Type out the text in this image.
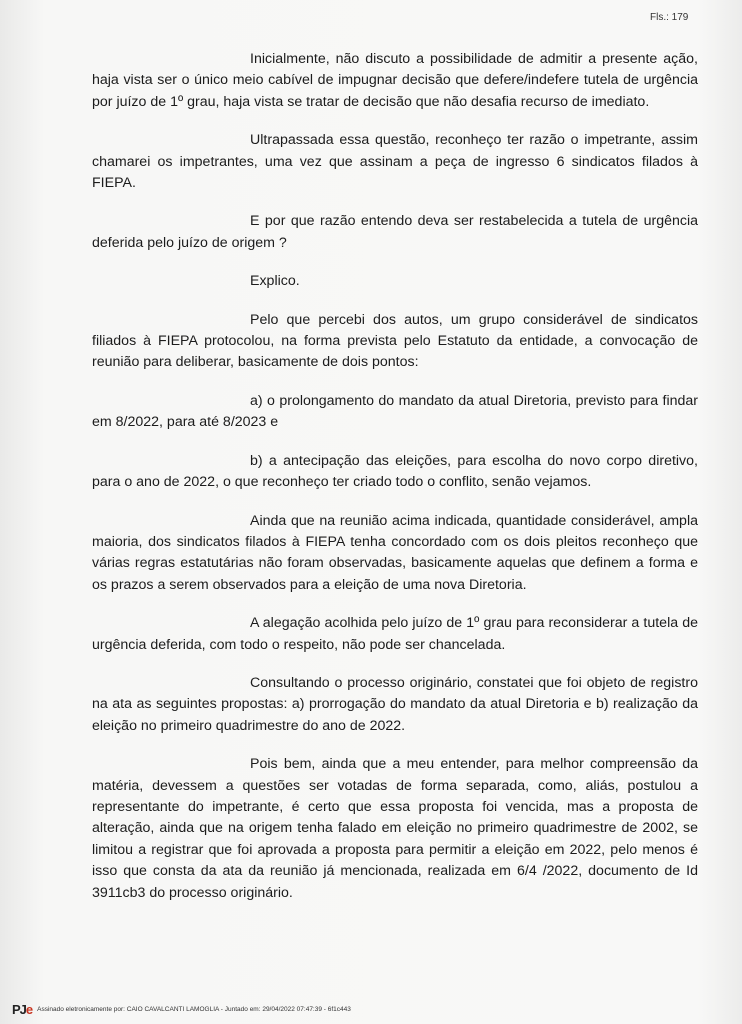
Fls.: 179

Inicialmente, não discuto a possibilidade de admitir a presente ação, haja vista ser o único meio cabível de impugnar decisão que defere/indefere tutela de urgência por juízo de 1º grau, haja vista se tratar de decisão que não desafia recurso de imediato.

Ultrapassada essa questão, reconheço ter razão o impetrante, assim chamarei os impetrantes, uma vez que assinam a peça de ingresso 6 sindicatos filados à FIEPA.

E por que razão entendo deva ser restabelecida a tutela de urgência deferida pelo juízo de origem ?

Explico.

Pelo que percebi dos autos, um grupo considerável de sindicatos filiados à FIEPA protocolou, na forma prevista pelo Estatuto da entidade, a convocação de reunião para deliberar, basicamente de dois pontos:

a) o prolongamento do mandato da atual Diretoria, previsto para findar em 8/2022, para até 8/2023 e

b) a antecipação das eleições, para escolha do novo corpo diretivo, para o ano de 2022, o que reconheço ter criado todo o conflito, senão vejamos.

Ainda que na reunião acima indicada, quantidade considerável, ampla maioria, dos sindicatos filados à FIEPA tenha concordado com os dois pleitos reconheço que várias regras estatutárias não foram observadas, basicamente aquelas que definem a forma e os prazos a serem observados para a eleição de uma nova Diretoria.

A alegação acolhida pelo juízo de 1º grau para reconsiderar a tutela de urgência deferida, com todo o respeito, não pode ser chancelada.

Consultando o processo originário, constatei que foi objeto de registro na ata as seguintes propostas: a) prorrogação do mandato da atual Diretoria e b) realização da eleição no primeiro quadrimestre do ano de 2022.

Pois bem, ainda que a meu entender, para melhor compreensão da matéria, devessem a questões ser votadas de forma separada, como, aliás, postulou a representante do impetrante, é certo que essa proposta foi vencida, mas a proposta de alteração, ainda que na origem tenha falado em eleição no primeiro quadrimestre de 2002, se limitou a registrar que foi aprovada a proposta para permitir a eleição em 2022, pelo menos é isso que consta da ata da reunião já mencionada, realizada em 6/4 /2022, documento de Id 3911cb3 do processo originário.

PJ e Assinado eletronicamente por: CAIO CAVALCANTI LAMOGLIA - Juntado em: 29/04/2022 07:47:39 - 6f1c443
